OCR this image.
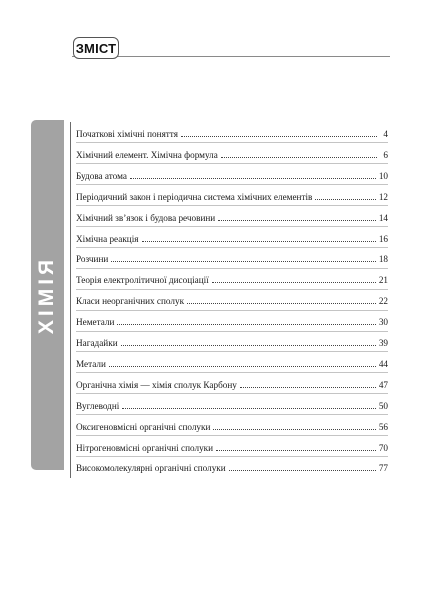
ЗМІСТ
ХІМІЯ
Початкові хімічні поняття	4
Хімічний елемент. Хімічна формула	6
Будова атома	10
Періодичний закон і періодична система хімічних елементів	12
Хімічний зв’язок і будова речовини	14
Хімічна реакція	16
Розчини	18
Теорія електролітичної дисоціації	21
Класи неорганічних сполук	22
Неметали	30
Нагадайки	39
Метали	44
Органічна хімія — хімія сполук Карбону	47
Вуглеводні	50
Оксигеновмісні органічні сполуки	56
Нітрогеновмісні органічні сполуки	70
Високомолекулярні органічні сполуки	77
